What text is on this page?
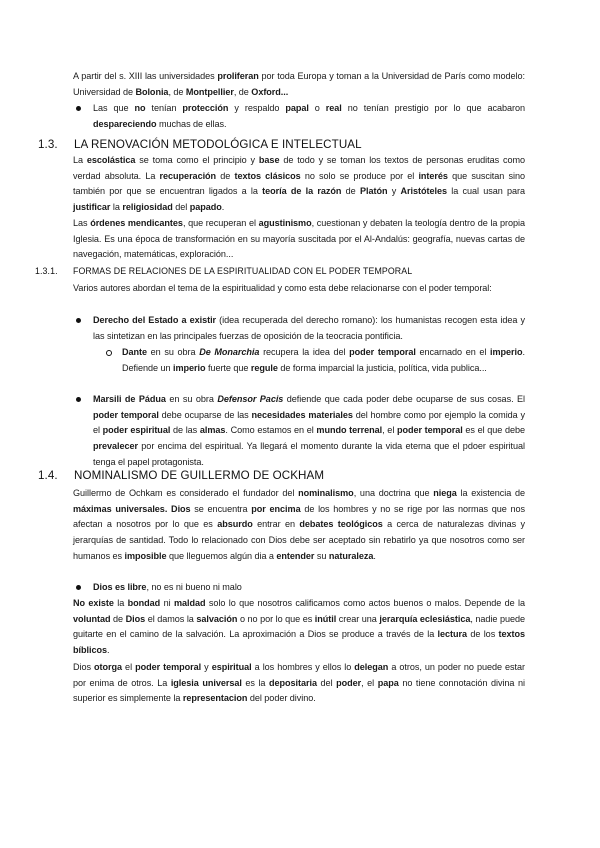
A partir del s. XIII las universidades proliferan por toda Europa y toman a la Universidad de París como modelo: Universidad de Bolonia, de Montpellier, de Oxford...
Las que no tenían protección y respaldo papal o real no tenían prestigio por lo que acabaron despareciendo muchas de ellas.
1.3. LA RENOVACIÓN METODOLÓGICA E INTELECTUAL
La escolástica se toma como el principio y base de todo y se toman los textos de personas eruditas como verdad absoluta. La recuperación de textos clásicos no solo se produce por el interés que suscitan sino también por que se encuentran ligados a la teoría de la razón de Platón y Aristóteles la cual usan para justificar la religiosidad del papado.
Las órdenes mendicantes, que recuperan el agustinismo, cuestionan y debaten la teología dentro de la propia Iglesia. Es una época de transformación en su mayoría suscitada por el Al-Andalús: geografía, nuevas cartas de navegación, matemáticas, exploración...
1.3.1. FORMAS DE RELACIONES DE LA ESPIRITUALIDAD CON EL PODER TEMPORAL
Varios autores abordan el tema de la espiritualidad y como esta debe relacionarse con el poder temporal:
Derecho del Estado a existir (idea recuperada del derecho romano): los humanistas recogen esta idea y las sintetizan en las principales fuerzas de oposición de la teocracia pontificia.
Dante en su obra De Monarchia recupera la idea del poder temporal encarnado en el imperio. Defiende un imperio fuerte que regule de forma imparcial la justicia, política, vida publica...
Marsili de Pádua en su obra Defensor Pacis defiende que cada poder debe ocuparse de sus cosas. El poder temporal debe ocuparse de las necesidades materiales del hombre como por ejemplo la comida y el poder espiritual de las almas. Como estamos en el mundo terrenal, el poder temporal es el que debe prevalecer por encima del espiritual. Ya llegará el momento durante la vida eterna que el pdoer espiritual tenga el papel protagonista.
1.4. NOMINALISMO DE GUILLERMO DE OCKHAM
Guillermo de Ochkam es considerado el fundador del nominalismo, una doctrina que niega la existencia de máximas universales. Dios se encuentra por encima de los hombres y no se rige por las normas que nos afectan a nosotros por lo que es absurdo entrar en debates teológicos a cerca de naturalezas divinas y jerarquías de santidad. Todo lo relacionado con Dios debe ser aceptado sin rebatirlo ya que nosotros como ser humanos es imposible que lleguemos algún dia a entender su naturaleza.
Dios es libre, no es ni bueno ni malo
No existe la bondad ni maldad solo lo que nosotros calificamos como actos buenos o malos. Depende de la voluntad de Dios el damos la salvación o no por lo que es inútil crear una jerarquía eclesiástica, nadie puede guitarte en el camino de la salvación. La aproximación a Dios se produce a través de la lectura de los textos bíblicos.
Dios otorga el poder temporal y espiritual a los hombres y ellos lo delegan a otros, un poder no puede estar por enima de otros. La iglesia universal es la depositaria del poder, el papa no tiene connotación divina ni superior es simplemente la representacion del poder divino.
